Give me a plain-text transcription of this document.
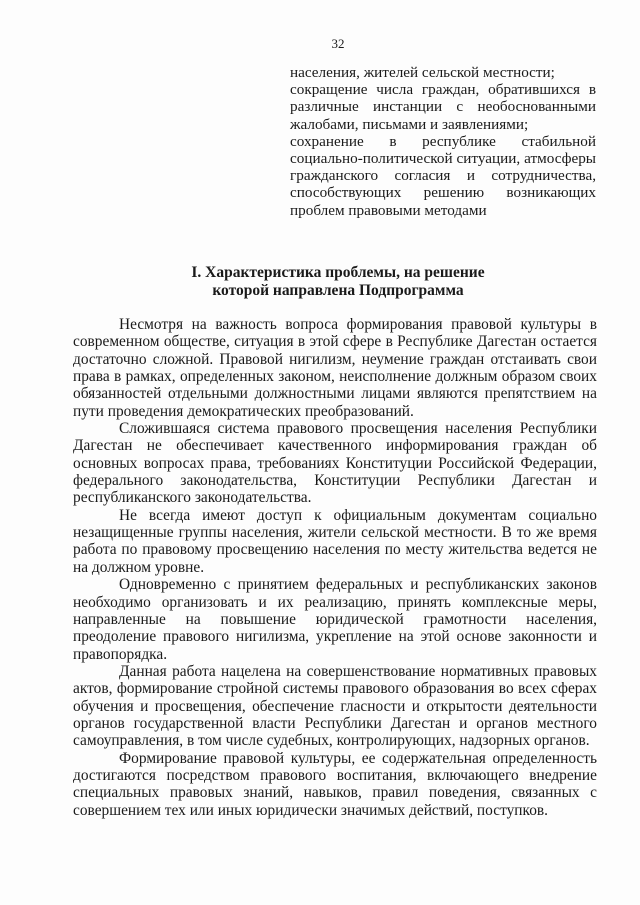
32

населения, жителей сельской местности;

сокращение числа граждан, обратившихся в различные инстанции с необоснованными жалобами, письмами и заявлениями;

сохранение в республике стабильной социально-политической ситуации, атмосферы гражданского согласия и сотрудничества, способствующих решению возникающих проблем правовыми методами

I. Характеристика проблемы, на решение
которой направлена Подпрограмма

Несмотря на важность вопроса формирования правовой культуры в современном обществе, ситуация в этой сфере в Республике Дагестан остается достаточно сложной. Правовой нигилизм, неумение граждан отстаивать свои права в рамках, определенных законом, неисполнение должным образом своих обязанностей отдельными должностными лицами являются препятствием на пути проведения демократических преобразований.

Сложившаяся система правового просвещения населения Республики Дагестан не обеспечивает качественного информирования граждан об основных вопросах права, требованиях Конституции Российской Федерации, федерального законодательства, Конституции Республики Дагестан и республиканского законодательства.

Не всегда имеют доступ к официальным документам социально незащищенные группы населения, жители сельской местности. В то же время работа по правовому просвещению населения по месту жительства ведется не на должном уровне.

Одновременно с принятием федеральных и республиканских законов необходимо организовать и их реализацию, принять комплексные меры, направленные на повышение юридической грамотности населения, преодоление правового нигилизма, укрепление на этой основе законности и правопорядка.

Данная работа нацелена на совершенствование нормативных правовых актов, формирование стройной системы правового образования во всех сферах обучения и просвещения, обеспечение гласности и открытости деятельности органов государственной власти Республики Дагестан и органов местного самоуправления, в том числе судебных, контролирующих, надзорных органов.

Формирование правовой культуры, ее содержательная определенность достигаются посредством правового воспитания, включающего внедрение специальных правовых знаний, навыков, правил поведения, связанных с совершением тех или иных юридически значимых действий, поступков.
